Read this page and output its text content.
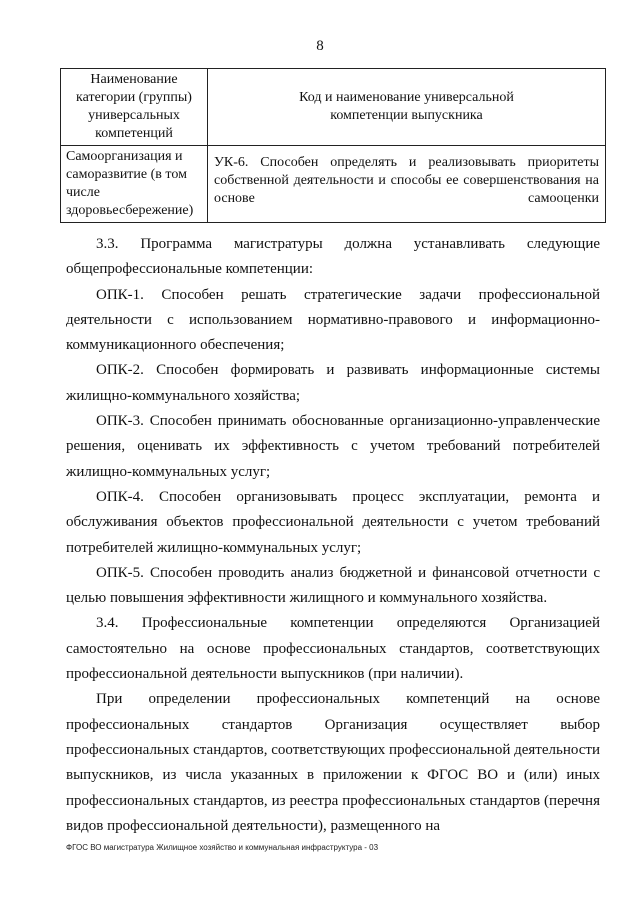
8
Наименование категории (группы) универсальных компетенций	Код и наименование универсальной компетенции выпускника

Самоорганизация и саморазвитие (в том числе здоровьесбережение)	УК-6. Способен определять и реализовывать приоритеты собственной деятельности и способы ее совершенствования на основе самооценки

3.3. Программа магистратуры должна устанавливать следующие общепрофессиональные компетенции:

ОПК-1. Способен решать стратегические задачи профессиональной деятельности с использованием нормативно-правового и информационно-коммуникационного обеспечения;

ОПК-2. Способен формировать и развивать информационные системы жилищно-коммунального хозяйства;

ОПК-3. Способен принимать обоснованные организационно-управленческие решения, оценивать их эффективность с учетом требований потребителей жилищно-коммунальных услуг;

ОПК-4. Способен организовывать процесс эксплуатации, ремонта и обслуживания объектов профессиональной деятельности с учетом требований потребителей жилищно-коммунальных услуг;

ОПК-5. Способен проводить анализ бюджетной и финансовой отчетности с целью повышения эффективности жилищного и коммунального хозяйства.

3.4. Профессиональные компетенции определяются Организацией самостоятельно на основе профессиональных стандартов, соответствующих профессиональной деятельности выпускников (при наличии).

При определении профессиональных компетенций на основе профессиональных стандартов Организация осуществляет выбор профессиональных стандартов, соответствующих профессиональной деятельности выпускников, из числа указанных в приложении к ФГОС ВО и (или) иных профессиональных стандартов, из реестра профессиональных стандартов (перечня видов профессиональной деятельности), размещенного на

ФГОС ВО магистратура Жилищное хозяйство и коммунальная инфраструктура - 03
